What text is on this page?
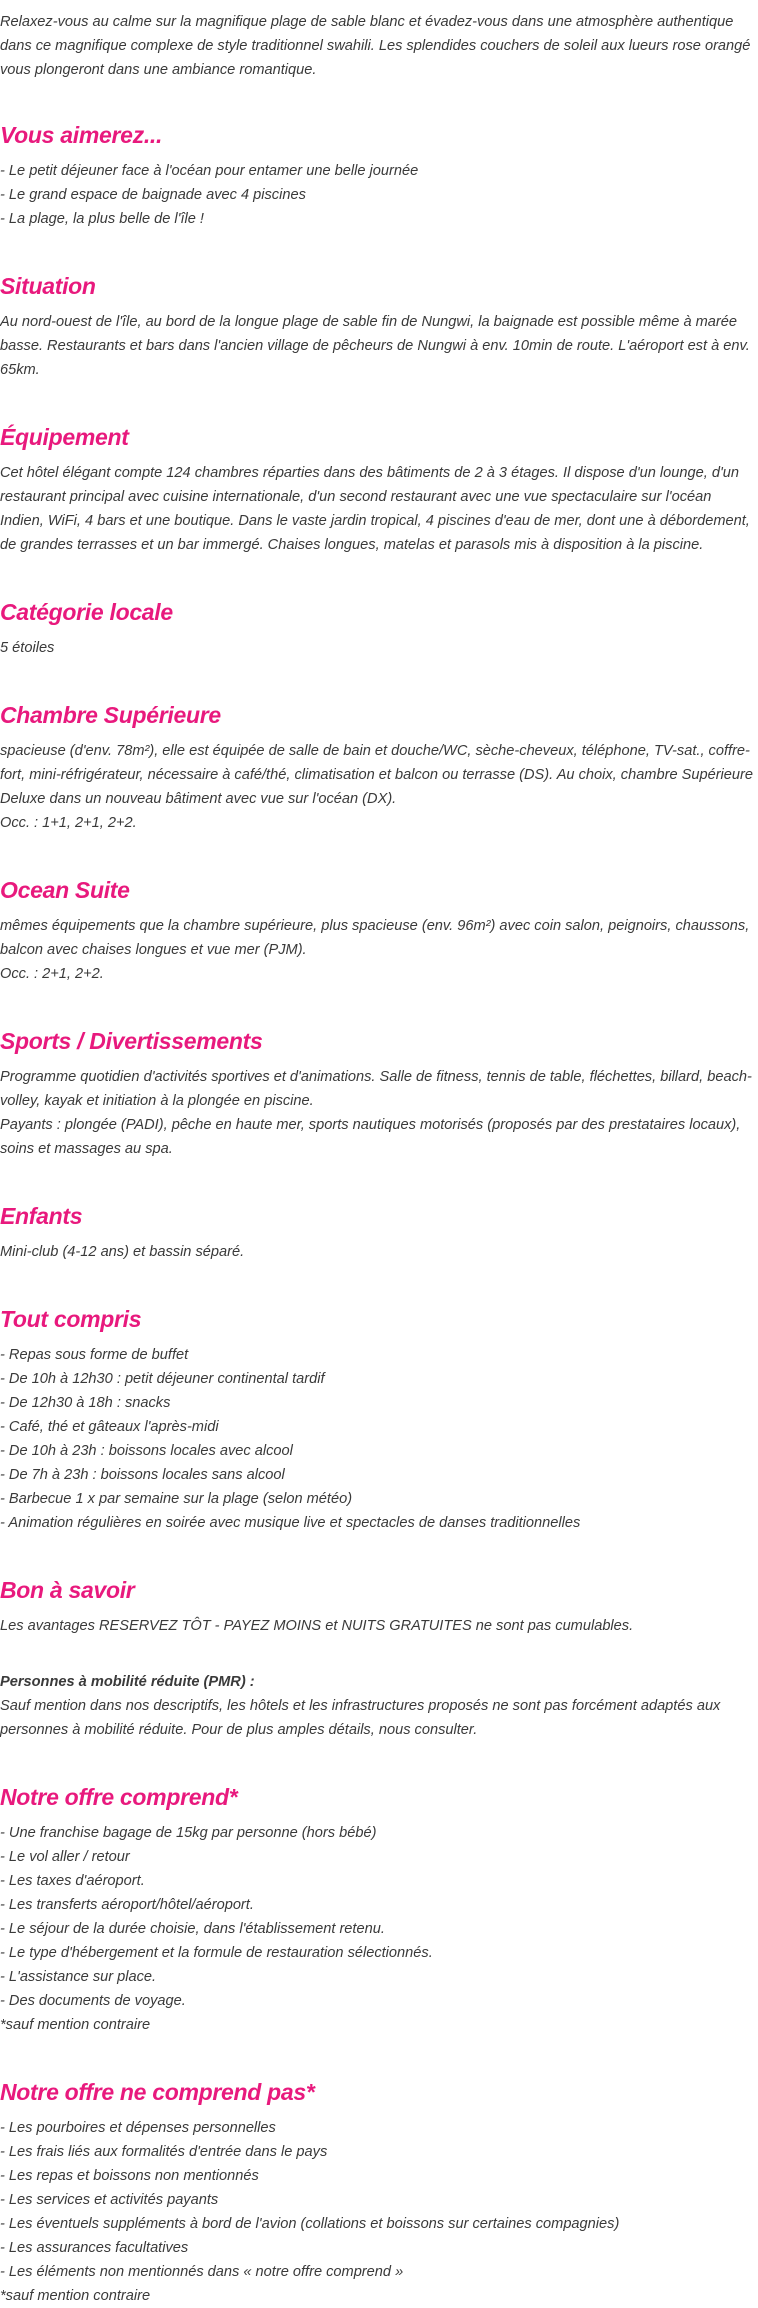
Relaxez-vous au calme sur la magnifique plage de sable blanc et évadez-vous dans une atmosphère authentique dans ce magnifique complexe de style traditionnel swahili. Les splendides couchers de soleil aux lueurs rose orangé vous plongeront dans une ambiance romantique.

Vous aimerez...
- Le petit déjeuner face à l'océan pour entamer une belle journée
- Le grand espace de baignade avec 4 piscines
- La plage, la plus belle de l'île !
Situation

Au nord-ouest de l'île, au bord de la longue plage de sable fin de Nungwi, la baignade est possible même à marée basse. Restaurants et bars dans l'ancien village de pêcheurs de Nungwi à env. 10min de route. L'aéroport est à env. 65km.

Équipement

Cet hôtel élégant compte 124 chambres réparties dans des bâtiments de 2 à 3 étages. Il dispose d'un lounge, d'un restaurant principal avec cuisine internationale, d'un second restaurant avec une vue spectaculaire sur l'océan Indien, WiFi, 4 bars et une boutique. Dans le vaste jardin tropical, 4 piscines d'eau de mer, dont une à débordement, de grandes terrasses et un bar immergé. Chaises longues, matelas et parasols mis à disposition à la piscine.

Catégorie locale

5 étoiles

Chambre Supérieure

spacieuse (d'env. 78m²), elle est équipée de salle de bain et douche/WC, sèche-cheveux, téléphone, TV-sat., coffre-fort, mini-réfrigérateur, nécessaire à café/thé, climatisation et balcon ou terrasse (DS). Au choix, chambre Supérieure Deluxe dans un nouveau bâtiment avec vue sur l'océan (DX).

Occ. : 1+1, 2+1, 2+2.

Ocean Suite

mêmes équipements que la chambre supérieure, plus spacieuse (env. 96m²) avec coin salon, peignoirs, chaussons, balcon avec chaises longues et vue mer (PJM).

Occ. : 2+1, 2+2.

Sports / Divertissements

Programme quotidien d'activités sportives et d'animations. Salle de fitness, tennis de table, fléchettes, billard, beach-volley, kayak et initiation à la plongée en piscine.

Payants : plongée (PADI), pêche en haute mer, sports nautiques motorisés (proposés par des prestataires locaux), soins et massages au spa.

Enfants

Mini-club (4-12 ans) et bassin séparé.

Tout compris
- Repas sous forme de buffet
- De 10h à 12h30 : petit déjeuner continental tardif
- De 12h30 à 18h : snacks
- Café, thé et gâteaux l'après-midi
- De 10h à 23h : boissons locales avec alcool
- De 7h à 23h : boissons locales sans alcool
- Barbecue 1 x par semaine sur la plage (selon météo)
- Animation régulières en soirée avec musique live et spectacles de danses traditionnelles
Bon à savoir

Les avantages RESERVEZ TÔT - PAYEZ MOINS et NUITS GRATUITES ne sont pas cumulables.

Personnes à mobilité réduite (PMR) :

Sauf mention dans nos descriptifs, les hôtels et les infrastructures proposés ne sont pas forcément adaptés aux personnes à mobilité réduite. Pour de plus amples détails, nous consulter.

Notre offre comprend*
- Une franchise bagage de 15kg par personne (hors bébé)
- Le vol aller / retour
- Les taxes d'aéroport.
- Les transferts aéroport/hôtel/aéroport.
- Le séjour de la durée choisie, dans l'établissement retenu.
- Le type d'hébergement et la formule de restauration sélectionnés.
- L'assistance sur place.
- Des documents de voyage.

*sauf mention contraire

Notre offre ne comprend pas*
- Les pourboires et dépenses personnelles
- Les frais liés aux formalités d'entrée dans le pays
- Les repas et boissons non mentionnés
- Les services et activités payants
- Les éventuels suppléments à bord de l'avion (collations et boissons sur certaines compagnies)
- Les assurances facultatives
- Les éléments non mentionnés dans « notre offre comprend »

*sauf mention contraire
